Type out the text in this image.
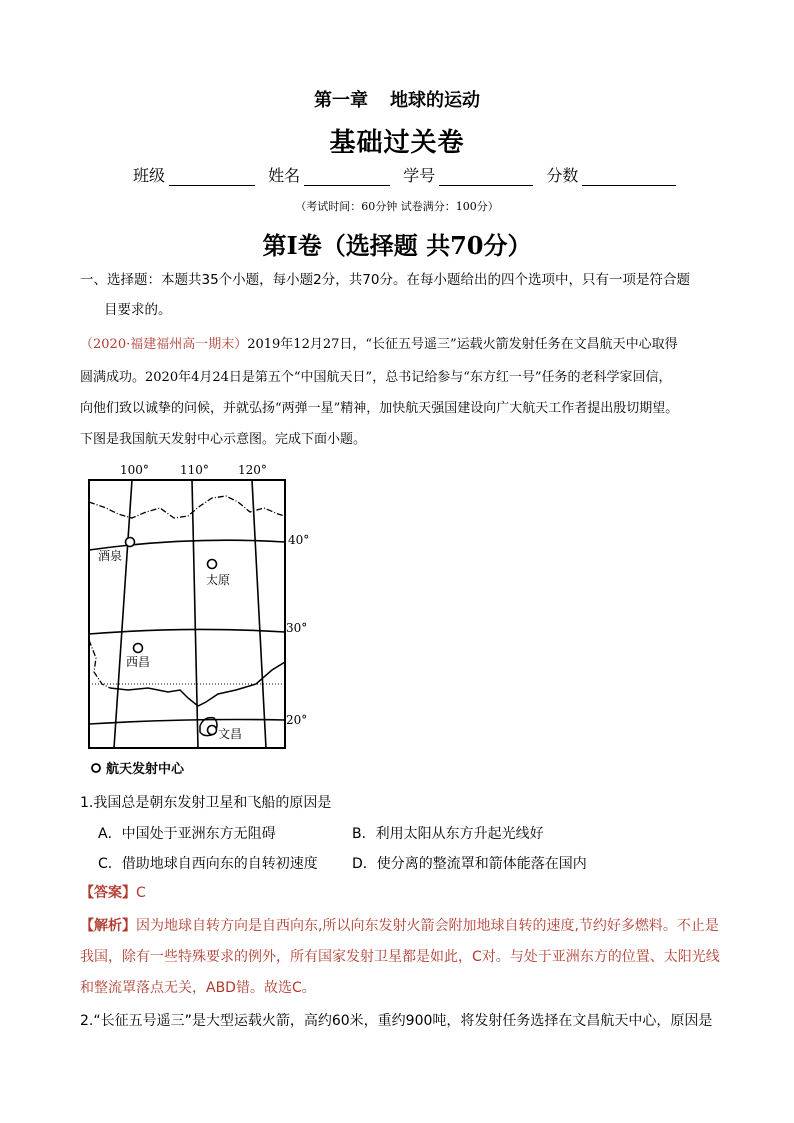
第一章 地球的运动
基础过关卷
班级	姓名	学号	分数
（考试时间：60分钟 试卷满分：100分）
第Ⅰ卷（选择题 共70分）
一、选择题：本题共35个小题，每小题2分，共70分。在每小题给出的四个选项中，只有一项是符合题
目要求的。
（2020·福建福州高一期末）2019年12月27日，“长征五号遥三”运载火箭发射任务在文昌航天中心取得
圆满成功。2020年4月24日是第五个“中国航天日”，总书记给参与“东方红一号”任务的老科学家回信，
向他们致以诚挚的问候，并就弘扬“两弹一星”精神，加快航天强国建设向广大航天工作者提出殷切期望。
下图是我国航天发射中心示意图。完成下面小题。
100°	110° 120°
40°
30°
20°
酒泉
太原
西昌
文昌
航天发射中心
1.我国总是朝东发射卫星和飞船的原因是
A．中国处于亚洲东方无阻碍	B．利用太阳从东方升起光线好
C．借助地球自西向东的自转初速度 D．使分离的整流罩和箭体能落在国内
【答案】C
【解析】因为地球自转方向是自西向东,所以向东发射火箭会附加地球自转的速度,节约好多燃料。不止是
我国，除有一些特殊要求的例外，所有国家发射卫星都是如此，C对。与处于亚洲东方的位置、太阳光线
和整流罩落点无关，ABD错。故选C。
2.“长征五号遥三”是大型运载火箭，高约60米，重约900吨，将发射任务选择在文昌航天中心，原因是
